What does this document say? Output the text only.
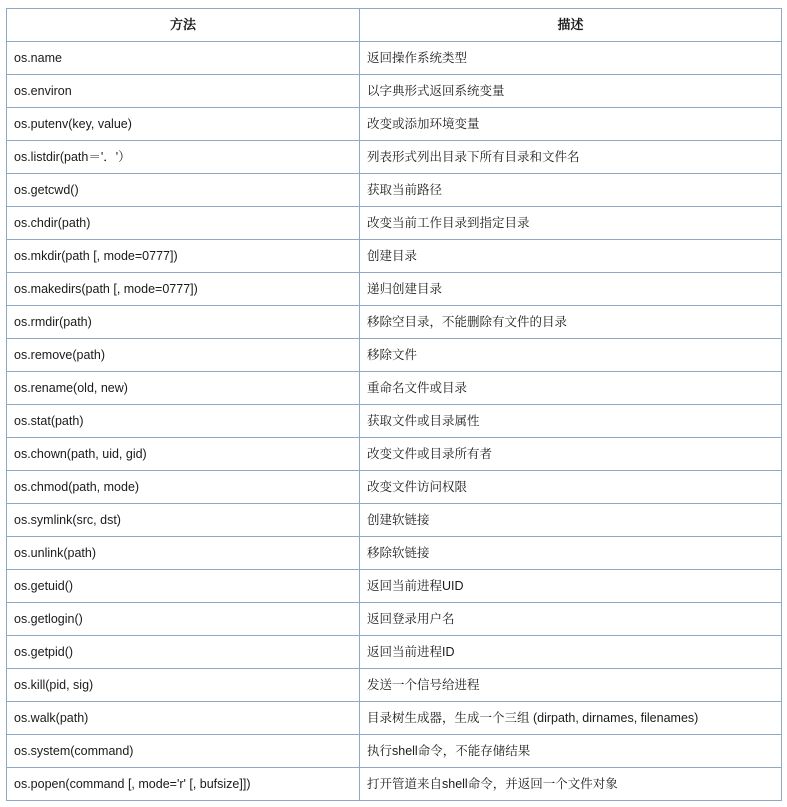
方法	描述
os.name	返回操作系统类型
os.environ	以字典形式返回系统变量
os.putenv(key, value)	改变或添加环境变量
os.listdir(path＝'．'）	列表形式列出目录下所有目录和文件名
os.getcwd()	获取当前路径
os.chdir(path)	改变当前工作目录到指定目录
os.mkdir(path [, mode=0777])	创建目录
os.makedirs(path [, mode=0777])	递归创建目录
os.rmdir(path)	移除空目录，不能删除有文件的目录
os.remove(path)	移除文件
os.rename(old, new)	重命名文件或目录
os.stat(path)	获取文件或目录属性
os.chown(path, uid, gid)	改变文件或目录所有者
os.chmod(path, mode)	改变文件访问权限
os.symlink(src, dst)	创建软链接
os.unlink(path)	移除软链接
os.getuid()	返回当前进程UID
os.getlogin()	返回登录用户名
os.getpid()	返回当前进程ID
os.kill(pid, sig)	发送一个信号给进程
os.walk(path)	目录树生成器，生成一个三组 (dirpath, dirnames, filenames)
os.system(command)	执行shell命令，不能存储结果
os.popen(command [, mode='r' [, bufsize]])	打开管道来自shell命令，并返回一个文件对象
